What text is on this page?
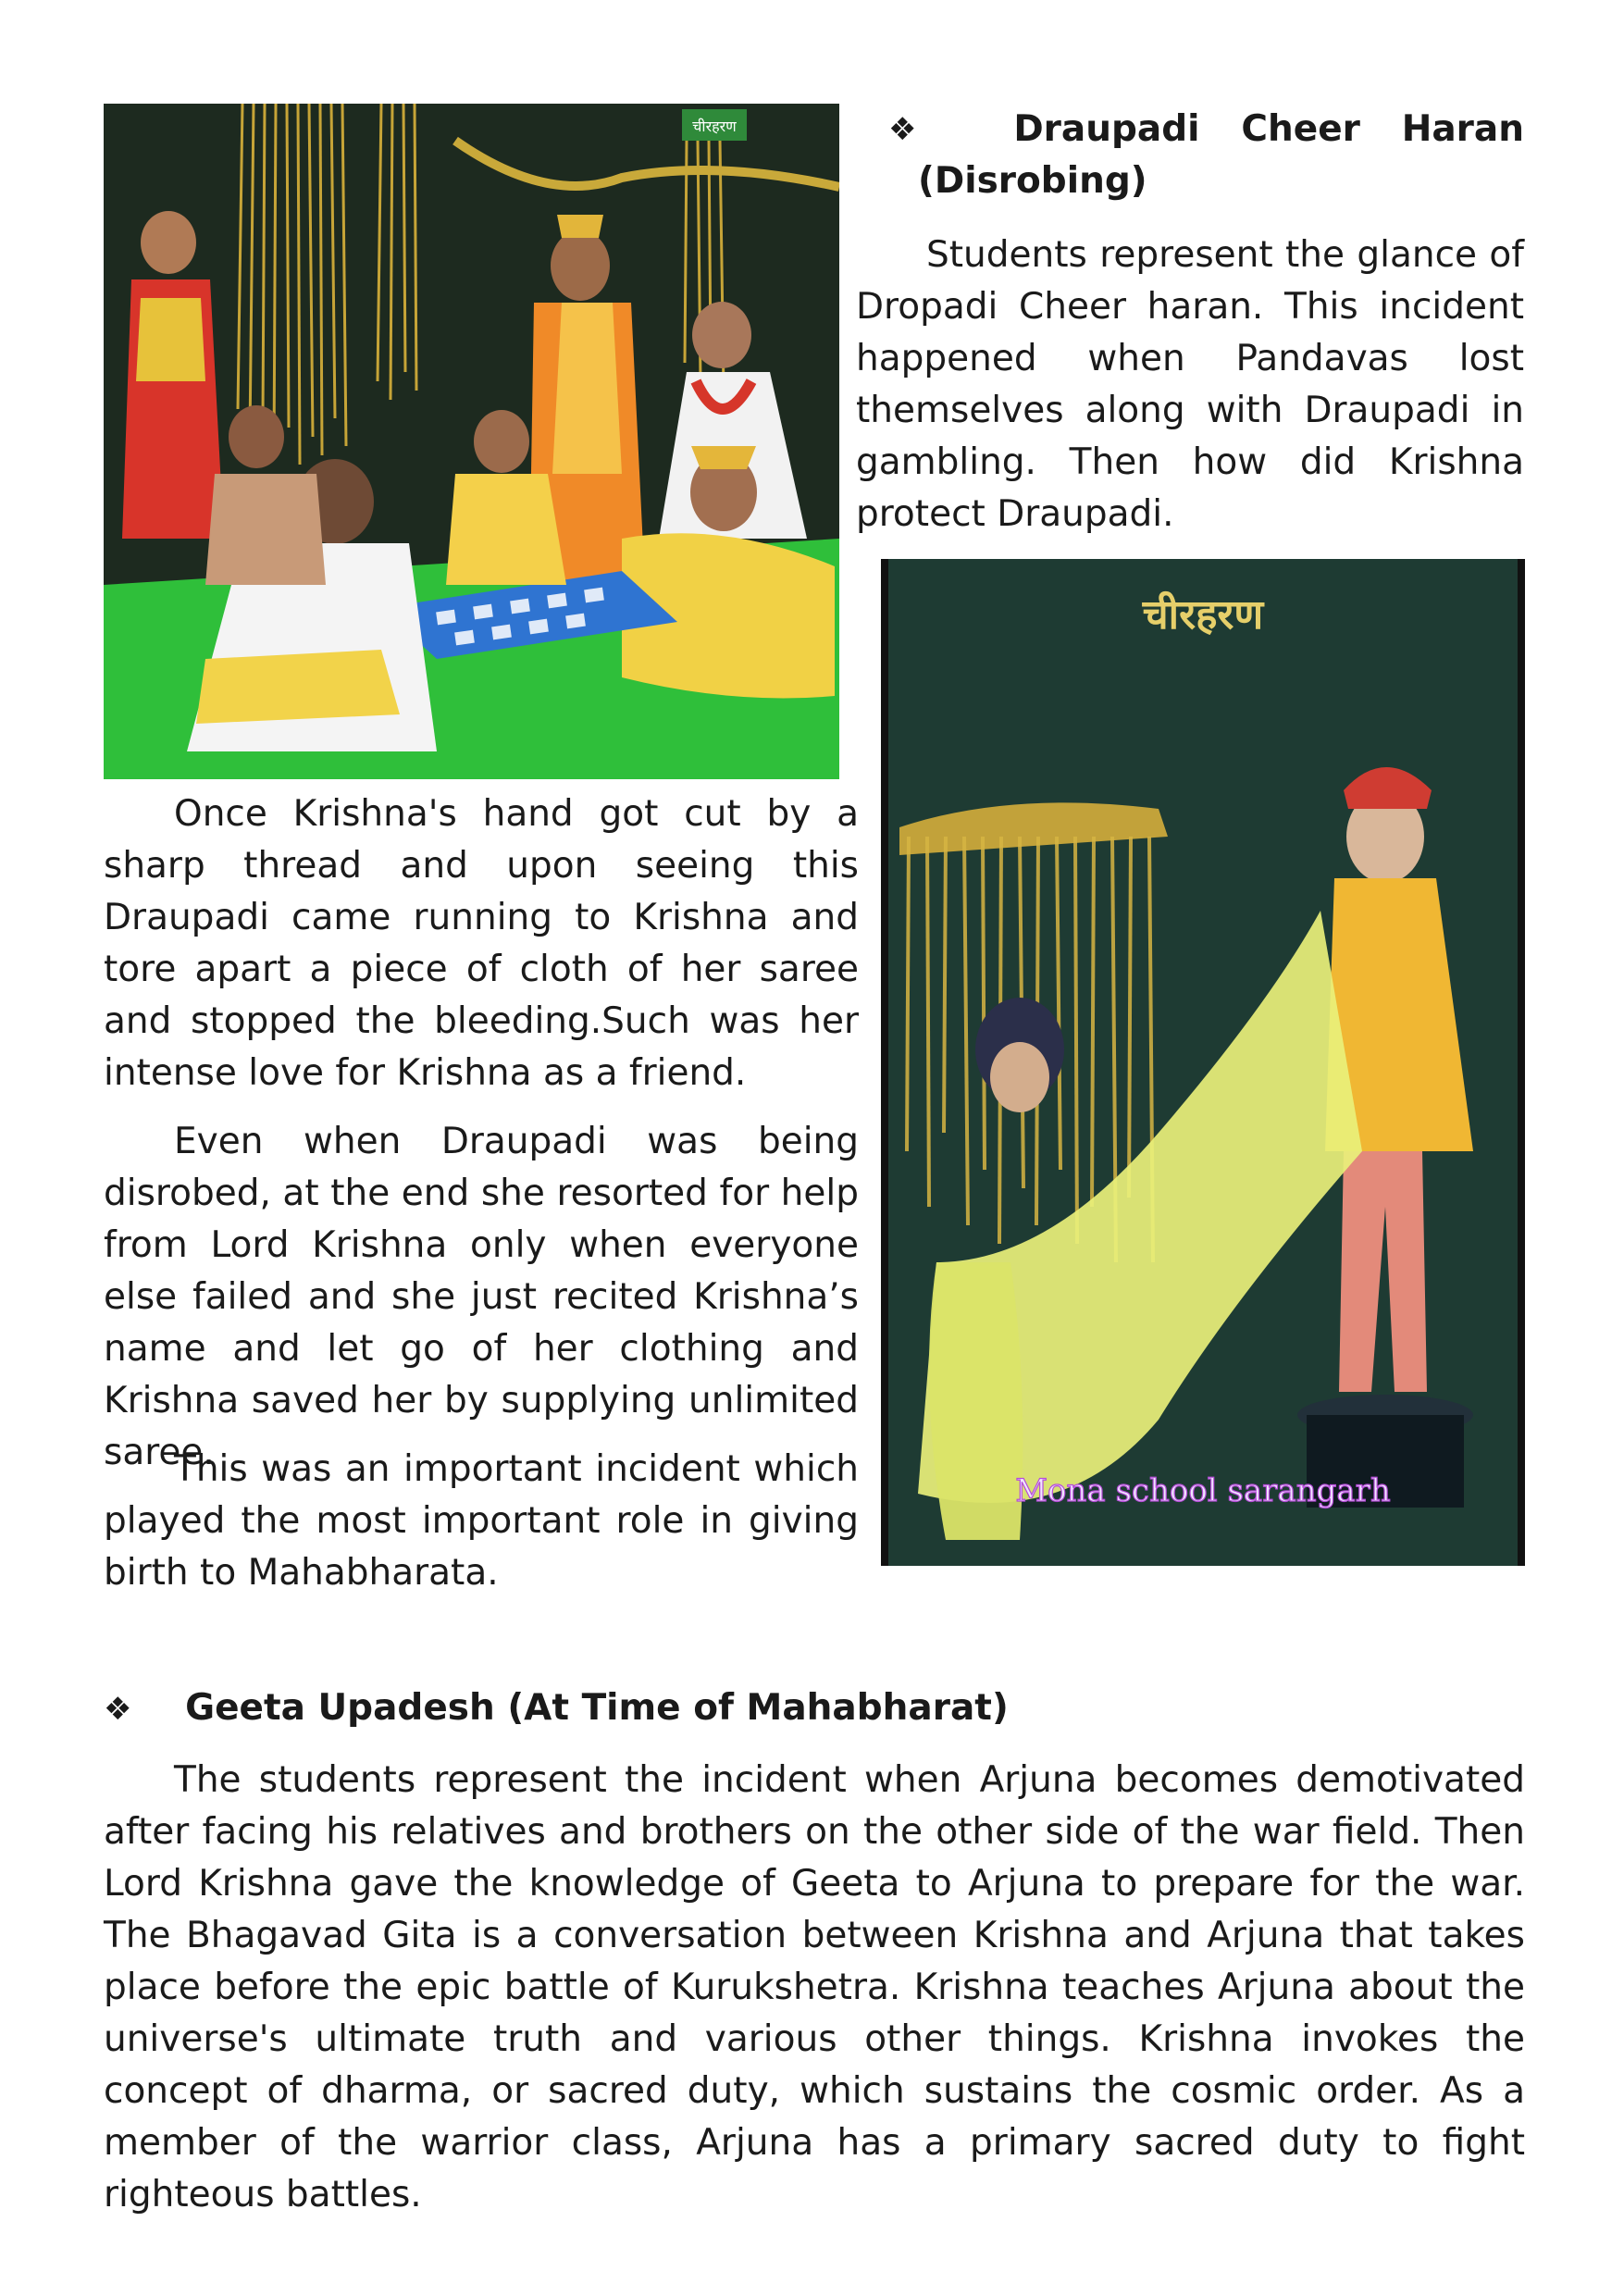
चीरहरण	❖	Draupadi Cheer Haran
(Disrobing)

Students represent the glance of Dropadi Cheer haran. This incident happened when Pandavas lost themselves along with Draupadi in gambling. Then how did Krishna protect Draupadi.

चीरहरण
Mona school sarangarh

Once Krishna's hand got cut by a sharp thread and upon seeing this Draupadi came running to Krishna and tore apart a piece of cloth of her saree and stopped the bleeding.Such was her intense love for Krishna as a friend.

Even when Draupadi was being disrobed, at the end she resorted for help from Lord Krishna only when everyone else failed and she just recited Krishna’s name and let go of her clothing and Krishna saved her by supplying unlimited saree.

This was an important incident which played the most important role in giving birth to Mahabharata.

❖ Geeta Upadesh (At Time of Mahabharat)

The students represent the incident when Arjuna becomes demotivated after facing his relatives and brothers on the other side of the war field. Then Lord Krishna gave the knowledge of Geeta to Arjuna to prepare for the war. The Bhagavad Gita is a conversation between Krishna and Arjuna that takes place before the epic battle of Kurukshetra. Krishna teaches Arjuna about the universe's ultimate truth and various other things. Krishna invokes the concept of dharma, or sacred duty, which sustains the cosmic order. As a member of the warrior class, Arjuna has a primary sacred duty to fight righteous battles.
